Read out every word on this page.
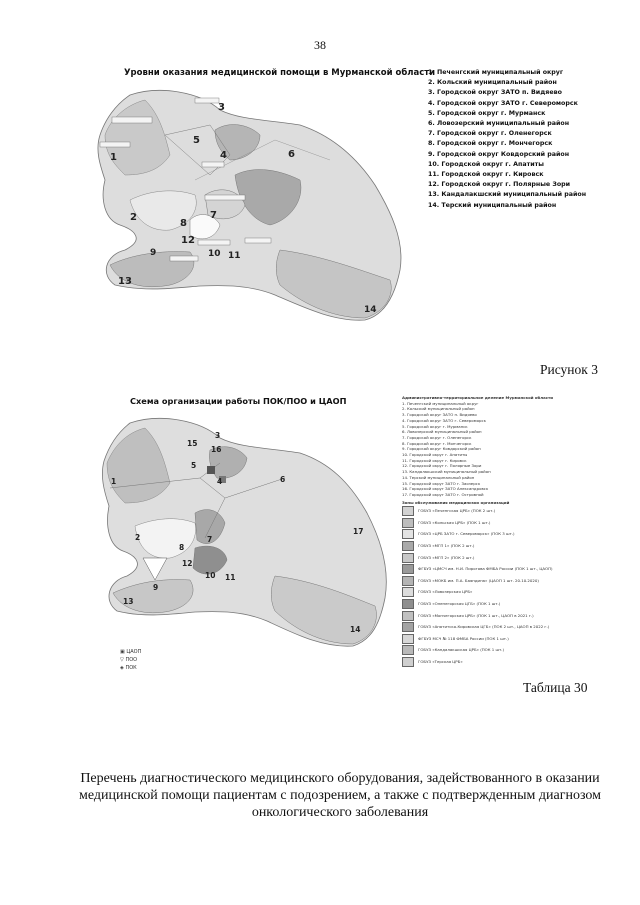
38
Уровни оказания медицинской помощи в Мурманской области
3
1
5
4	6
2
8
7
12
9	10 11
13
14
1. Печенгский муниципальный округ
2. Кольский муниципальный район
3. Городской округ ЗАТО п. Видяево
4. Городской округ ЗАТО г. Североморск
5. Городской округ г. Мурманск
6. Ловозерский муниципальный район
7. Городской округ г. Оленегорск
8. Городской округ г. Мончегорск
9. Городской округ Ковдорский район
10. Городской округ г. Апатиты
11. Городской округ г. Кировск
12. Городской округ г. Полярные Зори
13. Кандалакшский муниципальный район
14. Терский муниципальный район
Рисунок 3
Схема организации работы ПОК/ПОО и ЦАОП
3
15
16
5
4
1	6
2
8
7
12
9
10 11
13
14
17
▣ ЦАОП
▽ ПОО
◈ ПОК
Административно-территориальное деление Мурманской области
1. Печенгский муниципальный округ
2. Кольский муниципальный район
3. Городской округ ЗАТО п. Видяево
4. Городской округ ЗАТО г. Североморск
5. Городской округ г. Мурманск
6. Ловозерский муниципальный район
7. Городской округ г. Оленегорск
8. Городской округ г. Мончегорск
9. Городской округ Ковдорский район
10. Городской округ г. Апатиты
11. Городской округ г. Кировск
12. Городской округ г. Полярные Зори
13. Кандалакшский муниципальный район
14. Терский муниципальный район
15. Городской округ ЗАТО г. Заозерск
16. Городской округ ЗАТО Александровск
17. Городской округ ЗАТО г. Островной
Зоны обслуживания медицинских организаций
ГОБУЗ «Печенгская ЦРБ» (ПОК 2 шт.)
ГОБУЗ «Кольская ЦРБ» (ПОК 1 шт.)
ГОБУЗ «ЦРБ ЗАТО г. Североморск» (ПОК 3 шт.)
ГОБУЗ «МГП 1» (ПОК 2 шт.)
ГОБУЗ «МГП 2» (ПОК 2 шт.)
ФГБУЗ «ЦМСЧ им. Н.И. Пирогова ФМБА России (ПОК 1 шт., ЦАОП)
ГОБУЗ «МОКБ им. П.А. Баяндина» (ЦАОП 1 шт. 20.10.2020)
ГОБУЗ «Ловозерская ЦРБ»
ГОБУЗ «Оленегорская ЦГБ» (ПОК 1 шт.)
ГОБУЗ «Мончегорская ЦРБ» (ПОК 1 шт., ЦАОП в 2021 г.)
ГОБУЗ «Апатитско-Кировская ЦГБ» (ПОК 2 шт., ЦАОП в 2022 г.)
ФГБУЗ МСЧ № 118 ФМБА России (ПОК 1 шт.)
ГОБУЗ «Кандалакшская ЦРБ» (ПОК 1 шт.)
ГОБУЗ «Терская ЦРБ»
Таблица 30
Перечень диагностического медицинского оборудования, задействованного в оказании медицинской помощи пациентам с подозрением, а также с подтвержденным диагнозом онкологического заболевания
